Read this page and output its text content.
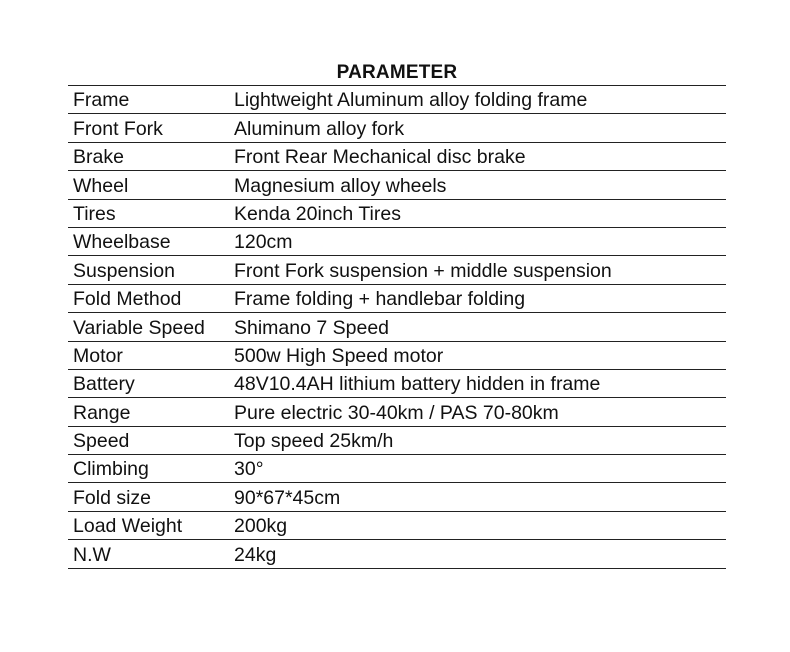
PARAMETER
Frame	Lightweight Aluminum alloy folding frame
Front Fork	Aluminum alloy fork
Brake	Front Rear Mechanical disc brake
Wheel	Magnesium alloy wheels
Tires	Kenda 20inch Tires
Wheelbase	120cm
Suspension	Front Fork suspension + middle suspension
Fold Method	Frame folding + handlebar folding
Variable Speed	Shimano 7 Speed
Motor	500w High Speed motor
Battery	48V10.4AH lithium battery hidden in frame
Range	Pure electric 30-40km / PAS 70-80km
Speed	Top speed 25km/h
Climbing	30°
Fold size	90*67*45cm
Load Weight	200kg
N.W	24kg
